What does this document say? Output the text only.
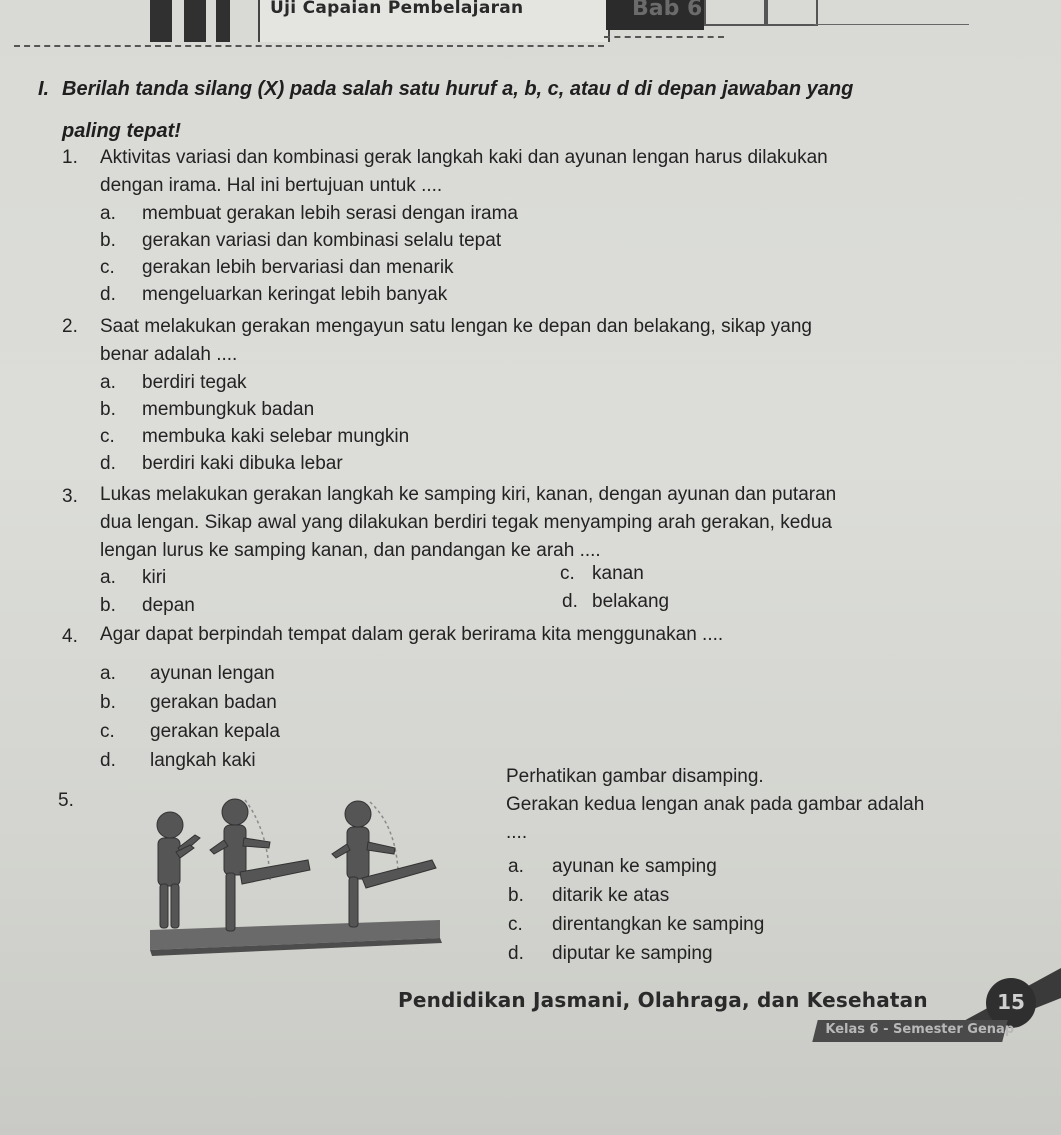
Uji Capaian Pembelajaran	Bab 6
I. Berilah tanda silang (X) pada salah satu huruf a, b, c, atau d di depan jawaban yang
paling tepat!
1. Aktivitas variasi dan kombinasi gerak langkah kaki dan ayunan lengan harus dilakukan
dengan irama. Hal ini bertujuan untuk ....
a. membuat gerakan lebih serasi dengan irama
b. gerakan variasi dan kombinasi selalu tepat
c. gerakan lebih bervariasi dan menarik
d. mengeluarkan keringat lebih banyak
2. Saat melakukan gerakan mengayun satu lengan ke depan dan belakang, sikap yang
benar adalah ....
a. berdiri tegak
b. membungkuk badan
c. membuka kaki selebar mungkin
d. berdiri kaki dibuka lebar
3. Lukas melakukan gerakan langkah ke samping kiri, kanan, dengan ayunan dan putaran
dua lengan. Sikap awal yang dilakukan berdiri tegak menyamping arah gerakan, kedua
lengan lurus ke samping kanan, dan pandangan ke arah ....
a. kiri	c. kanan
b. depan	d. belakang
4. Agar dapat berpindah tempat dalam gerak berirama kita menggunakan ....
a. ayunan lengan
b. gerakan badan
c. gerakan kepala
d. langkah kaki
5.
Perhatikan gambar disamping.
Gerakan kedua lengan anak pada gambar adalah
....
a. ayunan ke samping
b. ditarik ke atas
c. direntangkan ke samping
d. diputar ke samping
Pendidikan Jasmani, Olahraga, dan Kesehatan	15
Kelas 6 - Semester Genap
